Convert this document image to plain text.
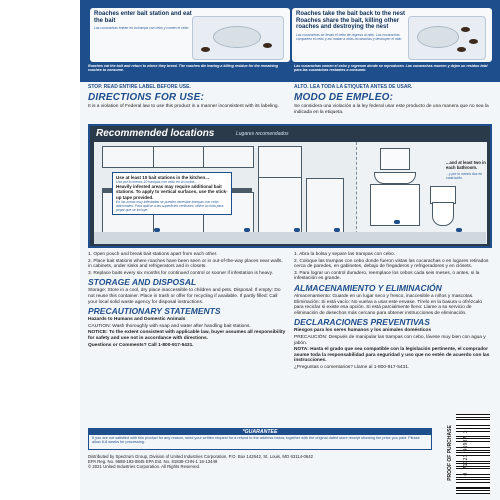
Roaches enter bait station and eat the bait
Las cucarachas entran en la trampa con cebo y comen el cebo
Roaches take the bait back to the nest Roaches share the bait, killing other roaches and destroying the nest
Las cucarachas se llevan el cebo de regreso al nido. Las cucarachas comparten el cebo y así matan a otras cucarachas y destruyen el nido
Roaches eat the bait and return to where they breed. The roaches die leaving a killing residue for the remaining roaches to consume.
Las cucarachas comen el cebo y regresan donde se reproducen. Las cucarachas mueren y dejan un residuo letal para las cucarachas restantes a consumir.
STOP. READ ENTIRE LABEL BEFORE USE.	ALTO. LEA TODA LA ETIQUETA ANTES DE USAR.
DIRECTIONS FOR USE:	MODO DE EMPLEO:
It is a violation of Federal law to use this product in a manner inconsistent with its labeling.	Se considera una violación a la ley federal usar este producto de una manera que no sea la indicada en la etiqueta.
Recommended locations	Lugares recomendados
Use at least 10 bait stations in the kitchen...
Use por lo menos 10 trampas con cebo en la cocina...
Heavily infested areas may require additional bait stations. To apply to vertical surfaces, use the stick-up tape provided.
En las zonas muy infestadas se pueden necesitar trampas con cebo adicionales. Para aplicar a las superficies verticales, utilice la cinta para pegar que se incluye.
...and at least two in each bathroom.
...y por lo menos dos en cada baño.
1. Open pouch and break bait stations apart from each other.
2. Place bait stations where roaches have been seen or in out-of-the-way places near walls, in cabinets, under sinks and refrigerators and in closets.
3. Replace baits every six months for continued control or sooner if infestation is heavy.
STORAGE AND DISPOSAL
Storage: Store in a cool, dry place inaccessible to children and pets. Disposal: If empty: Do not reuse this container. Place in trash or offer for recycling if available. If partly filled: Call your local solid waste agency for disposal instructions.
PRECAUTIONARY STATEMENTS
Hazards to Humans and Domestic Animals
CAUTION: Wash thoroughly with soap and water after handling bait stations.
NOTICE: To the extent consistent with applicable law, buyer assumes all responsibility for safety and use not in accordance with directions.
Questions or Comments? Call 1-800-917-5431.
1. Abra la bolsa y separe las trampas con cebo.
2. Coloque las trampas con cebo donde fueron vistas las cucarachas o en lugares retirados cerca de paredes, en gabinetes, debajo de fregaderos y refrigeradores y en clósets.
3. Para lograr un control duradero, reemplace los cebos cada seis meses, o antes, si la infestación es grande.
ALMACENAMIENTO Y ELIMINACIÓN
Almacenamiento: Guarde en un lugar seco y fresco, inaccesible a niños y mascotas. Eliminación: Si está vacío: No vuelva a usar este envase. Tírelo en la basura u ofrézcalo para reciclar si existe esa opción. Si está parcialmente lleno: Llame a su servicio de eliminación de desechos más cercano para obtener instrucciones de eliminación.
DECLARACIONES PREVENTIVAS
Riesgos para los seres humanos y los animales domésticos
PRECAUCIÓN: Después de manipular las trampas con cebo, lávese muy bien con agua y jabón.
NOTA: Hasta el grado que sea compatible con la legislación pertinente, el comprador asume toda la responsabilidad para seguridad y uso que no estén de acuerdo con las instrucciones.
¿Preguntas o comentarios? Llame al 1-800-917-5431.
*GUARANTEE
If you are not satisfied with this product for any reason, send your written request for a refund to the address below, together with the original dated store receipt showing the price you paid. Please allow 6-8 weeks for processing.
Distributed by Spectrum Group, Division of United Industries Corporation, P.O. Box 142642, St. Louis, MO 63114-0642
EPA Reg. No. 9688-193-8845 EPA Est. No. 81838-CHN-1 16-13449
© 2021 United Industries Corporation. All Rights Reserved.	PROOF OF PURCHASE 0 71121 96987 3
